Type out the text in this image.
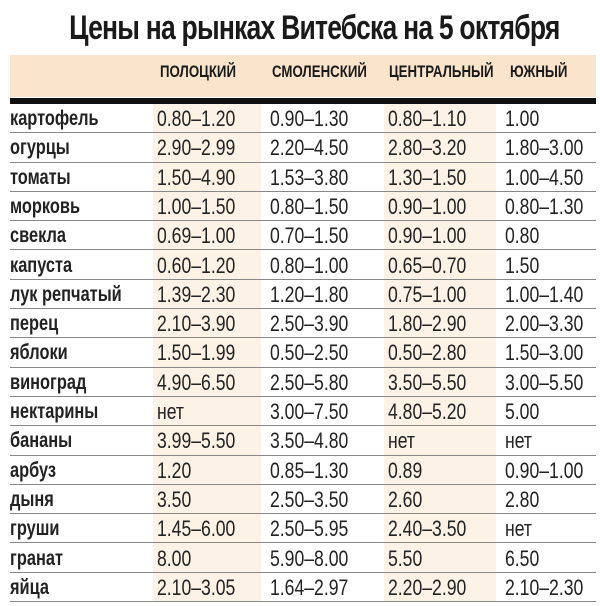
Цены на рынках Витебска на 5 октября
ПОЛОЦКИЙ СМОЛЕНСКИЙ ЦЕНТРАЛЬНЫЙ ЮЖНЫЙ
картофель	0.80–1.20 0.90–1.30 0.80–1.10 1.00
огурцы	2.90–2.99 2.20–4.50 2.80–3.20 1.80–3.00
томаты	1.50–4.90 1.53–3.80 1.30–1.50 1.00–4.50
морковь	1.00–1.50 0.80–1.50 0.90–1.00 0.80–1.30
свекла	0.69–1.00 0.70–1.50 0.90–1.00 0.80
капуста	0.60–1.20 0.80–1.00 0.65–0.70 1.50
лук репчатый 1.39–2.30 1.20–1.80 0.75–1.00 1.00–1.40
перец	2.10–3.90 2.50–3.90 1.80–2.90 2.00–3.30
яблоки	1.50–1.99 0.50–2.50 0.50–2.80 1.50–3.00
виноград	4.90–6.50 2.50–5.80 3.50–5.50 3.00–5.50
нектарины	нет	3.00–7.50 4.80–5.20 5.00
бананы	3.99–5.50 3.50–4.80 нет	нет
арбуз	1.20	0.85–1.30 0.89	0.90–1.00
дыня	3.50	2.50–3.50 2.60	2.80
груши	1.45–6.00 2.50–5.95 2.40–3.50 нет
гранат	8.00	5.90–8.00 5.50	6.50
яйца	2.10–3.05 1.64–2.97 2.20–2.90 2.10–2.30
